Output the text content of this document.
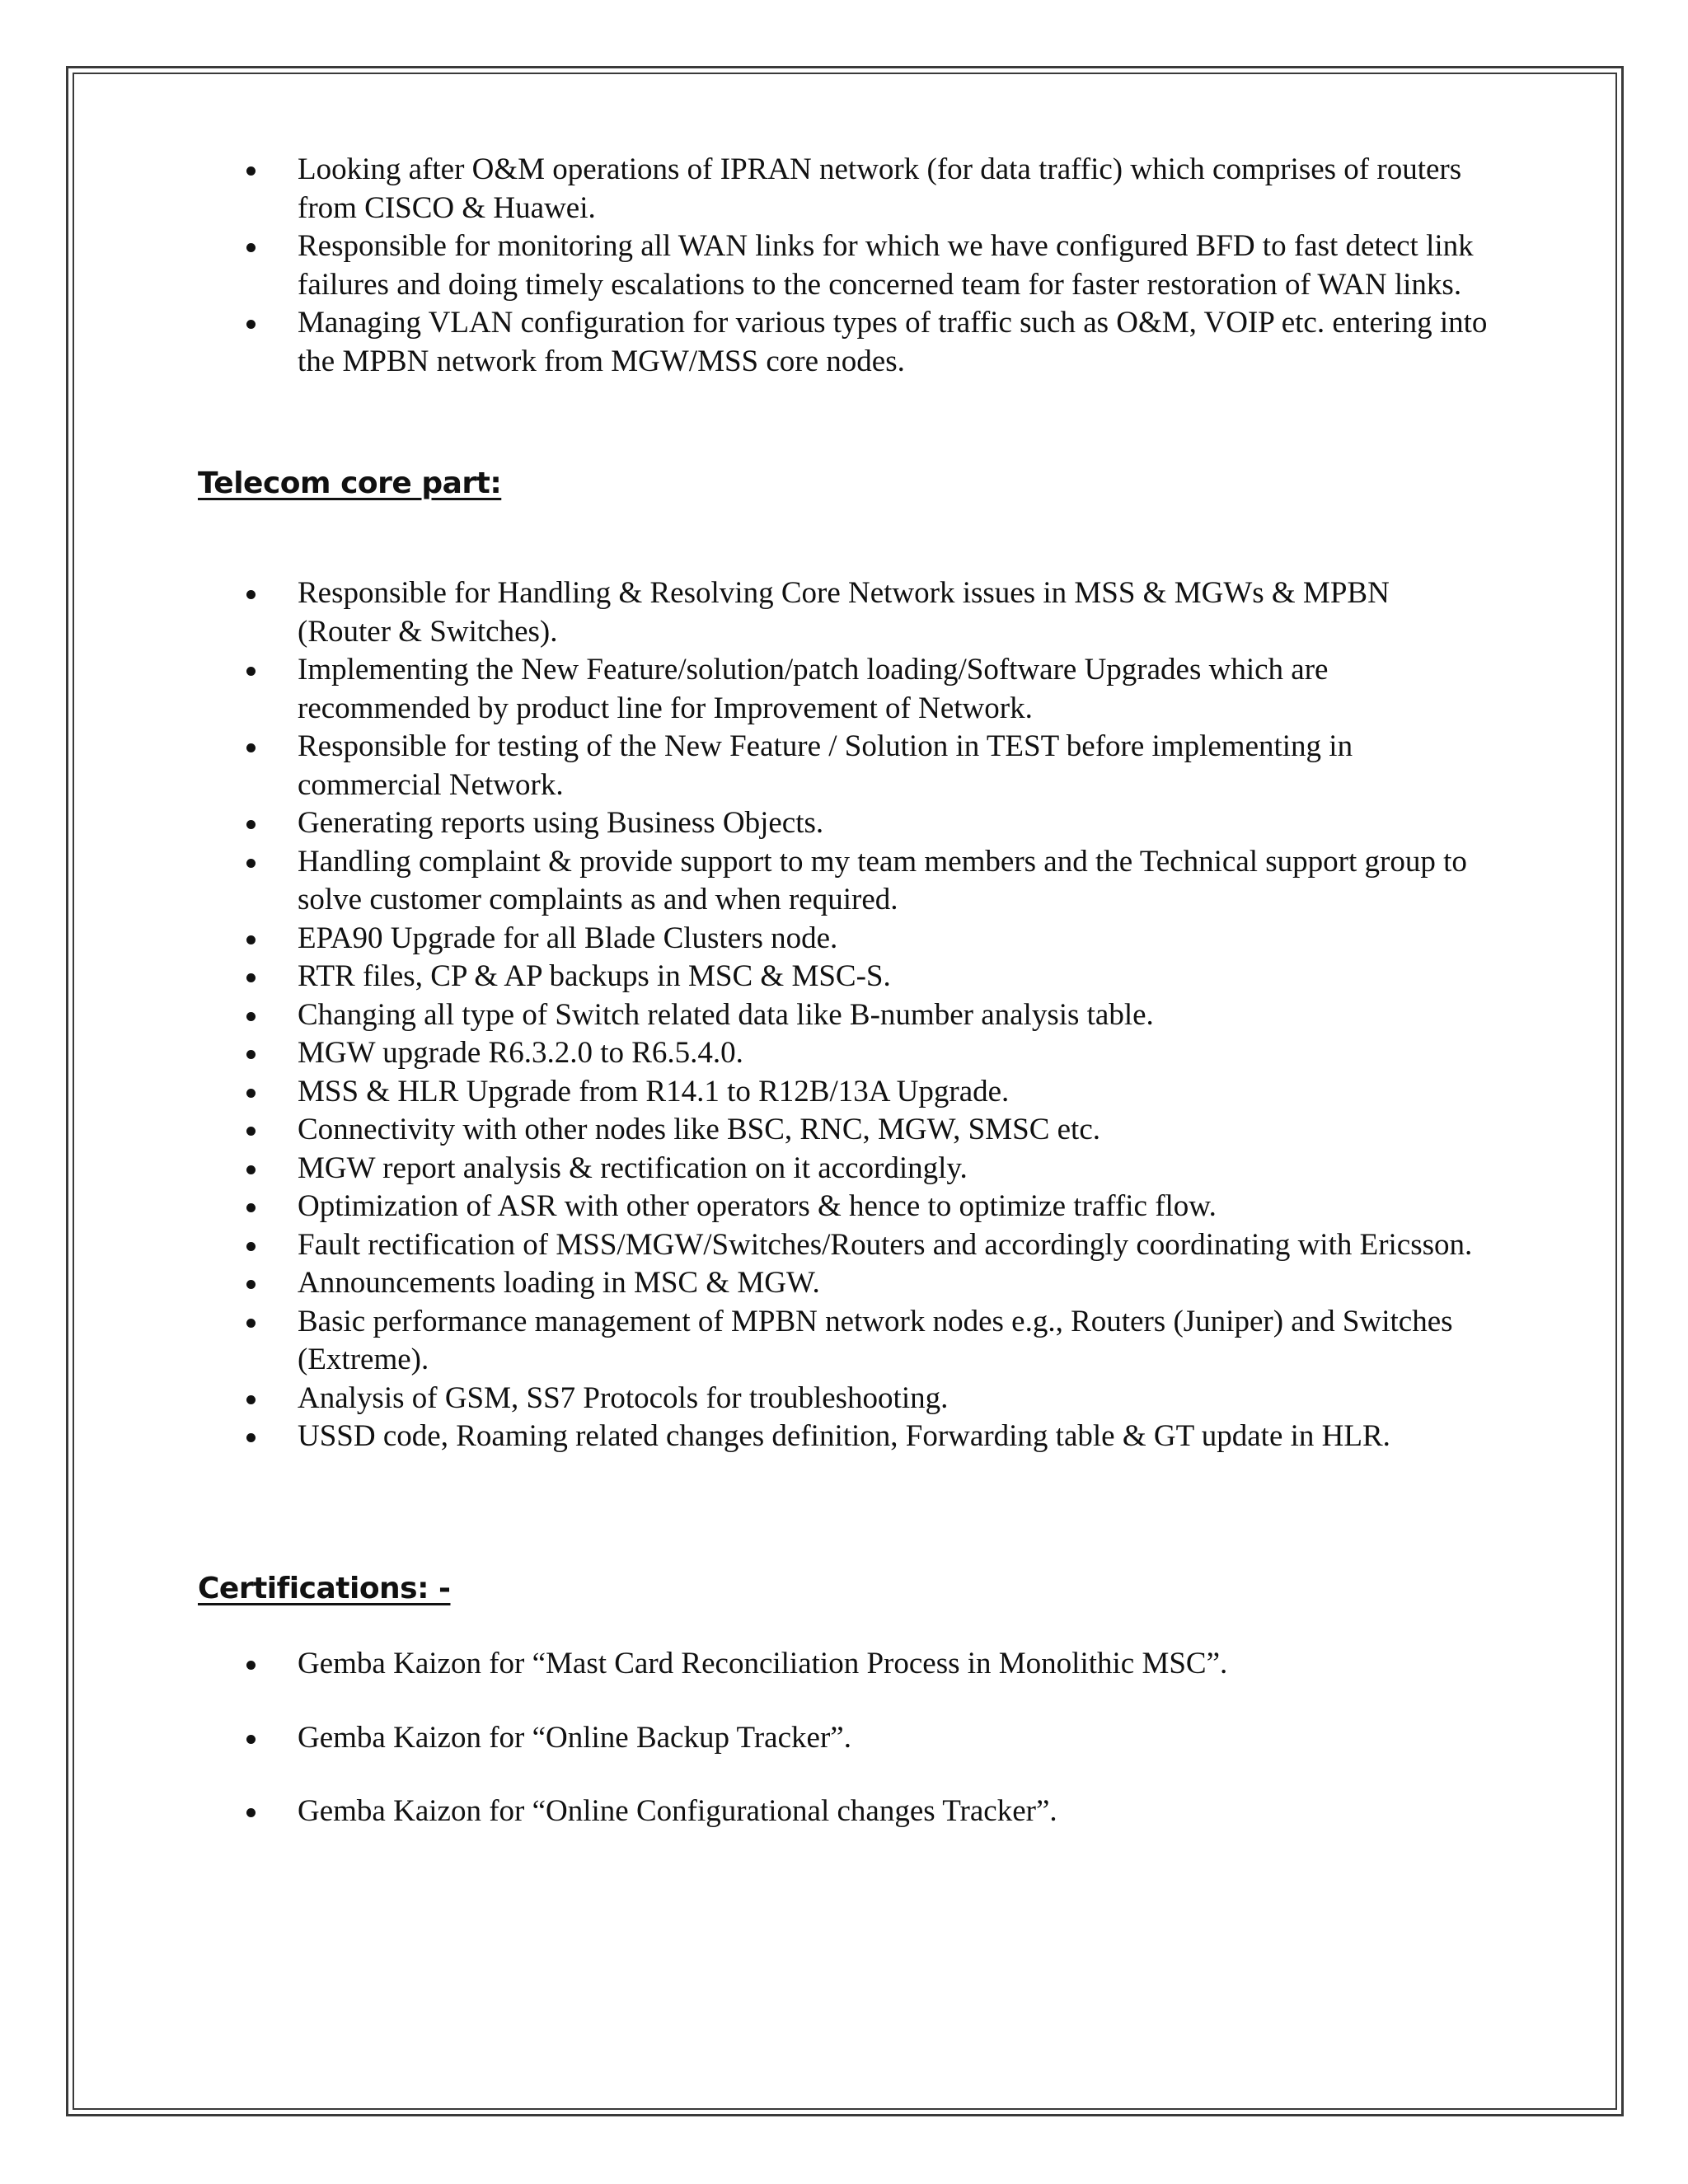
Looking after O&M operations of IPRAN network (for data traffic) which comprises of routers from CISCO & Huawei.
Responsible for monitoring all WAN links for which we have configured BFD to fast detect link failures and doing timely escalations to the concerned team for faster restoration of WAN links.
Managing VLAN configuration for various types of traffic such as O&M, VOIP etc. entering into the MPBN network from MGW/MSS core nodes.
Telecom core part:
Responsible for Handling & Resolving Core Network issues in MSS & MGWs & MPBN (Router & Switches).
Implementing the New Feature/solution/patch loading/Software Upgrades which are recommended by product line for Improvement of Network.
Responsible for testing of the New Feature / Solution in TEST before implementing in commercial Network.
Generating reports using Business Objects.
Handling complaint & provide support to my team members and the Technical support group to solve customer complaints as and when required.
EPA90 Upgrade for all Blade Clusters node.
RTR files, CP & AP backups in MSC & MSC-S.
Changing all type of Switch related data like B-number analysis table.
MGW upgrade R6.3.2.0 to R6.5.4.0.
MSS & HLR Upgrade from R14.1 to R12B/13A Upgrade.
Connectivity with other nodes like BSC, RNC, MGW, SMSC etc.
MGW report analysis & rectification on it accordingly.
Optimization of ASR with other operators & hence to optimize traffic flow.
Fault rectification of MSS/MGW/Switches/Routers and accordingly coordinating with Ericsson.
Announcements loading in MSC & MGW.
Basic performance management of MPBN network nodes e.g., Routers (Juniper) and Switches (Extreme).
Analysis of GSM, SS7 Protocols for troubleshooting.
USSD code, Roaming related changes definition, Forwarding table & GT update in HLR.
Certifications: -
Gemba Kaizon for “Mast Card Reconciliation Process in Monolithic MSC”.
Gemba Kaizon for “Online Backup Tracker”.
Gemba Kaizon for “Online Configurational changes Tracker”.
